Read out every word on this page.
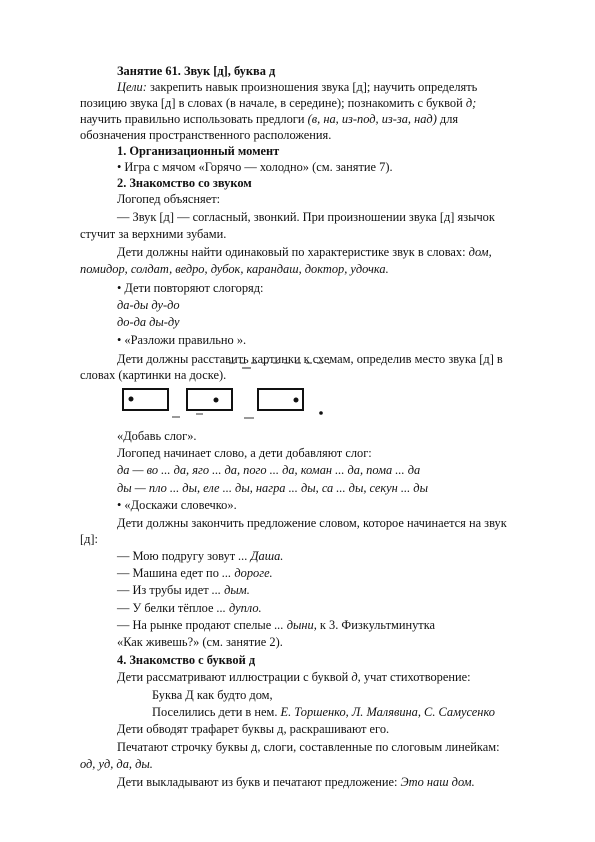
Занятие 61. Звук [д], буква д
Цели: закрепить навык произношения звука [д]; научить определять
позицию звука [д] в словах (в начале, в середине); познакомить с буквой д;
научить правильно использовать предлоги (в, на, из-под, из-за, над) для
обозначения пространственного расположения.
1. Организационный момент
• Игра с мячом «Горячо — холодно» (см. занятие 7).
2. Знакомство со звуком
Логопед объясняет:
— Звук [д] — согласный, звонкий. При произношении звука [д] язычок
стучит за верхними зубами.
Дети должны найти одинаковый по характеристике звук в словах: дом,
помидор, солдат, ведро, дубок, карандаш, доктор, удочка.
• Дети повторяют слогоряд:
да-ды ду-до
до-да ды-ду
• «Разложи правильно ».
Дети должны расставить картинки к схемам, определив место звука [д] в
словах (картинки на доске).
«Добавь слог».
Логопед начинает слово, а дети добавляют слог:
да — во ... да, яго ... да, пого ... да, коман ... да, пома ... да
ды — пло ... ды, еле ... ды, награ ... ды, са ... ды, секун ... ды
• «Доскажи словечко».
Дети должны закончить предложение словом, которое начинается на звук
[д]:
— Мою подругу зовут ... Даша.
— Машина едет по ... дороге.
— Из трубы идет ... дым.
— У белки тёплое ... дупло.
— На рынке продают спелые ... дыни, к 3. Физкультминутка
«Как живешь?» (см. занятие 2).
4. Знакомство с буквой д
Дети рассматривают иллюстрации с буквой д, учат стихотворение:
Буква Д как будто дом,
Поселились дети в нем. Е. Торшенко, Л. Малявина, С. Самусенко
Дети обводят трафарет буквы д, раскрашивают его.
Печатают строчку буквы д, слоги, составленные по слоговым линейкам:
од, уд, да, ды.
Дети выкладывают из букв и печатают предложение: Это наш дом.
